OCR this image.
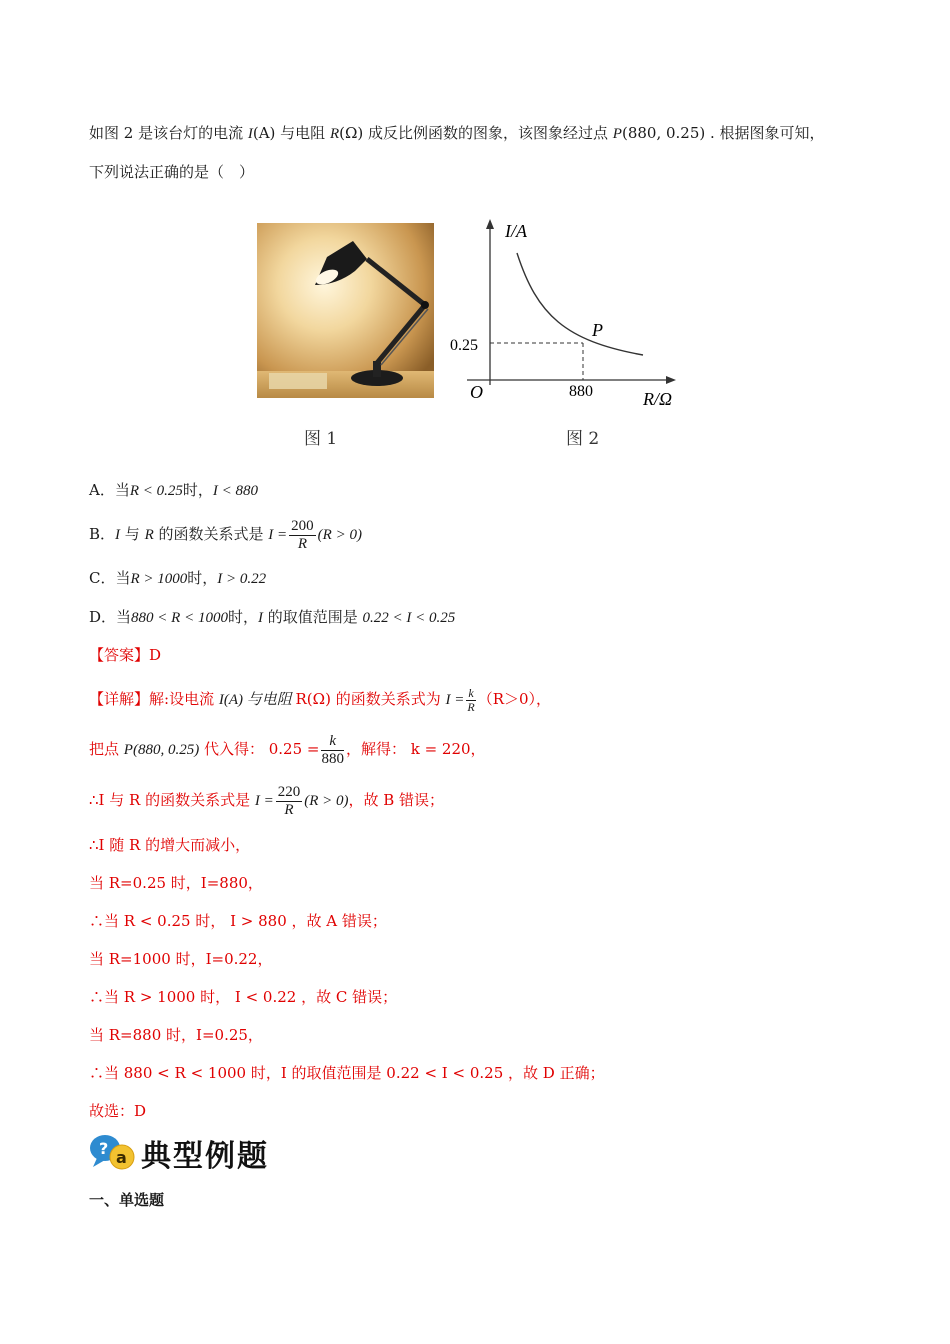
如图 2 是该台灯的电流 I(A) 与电阻 R(Ω) 成反比例函数的图象，该图象经过点 P(880, 0.25) . 根据图象可知，
下列说法正确的是（　）
图 1
I/A
R/Ω
O
P
0.25
880
图 2
A．当R < 0.25时，I < 880
B．I 与 R 的函数关系式是 $I = \frac{200}{R} (R > 0)$
C．当R > 1000时，I > 0.22
D．当880 < R < 1000时，I 的取值范围是 0.22 < I < 0.25
【答案】D
【详解】解:设电流 I(A) 与电阻 R(Ω) 的函数关系式为 $I = \frac{k}{R} (R>0)$，
把点 P(880, 0.25) 代入得： $0.25 = \frac{k}{880}$ ，解得： k = 220，
∴I 与 R 的函数关系式是 $I = \frac{220}{R} (R > 0)$，故 B 错误；
∴I 随 R 的增大而减小，
当 R=0.25 时，I=880，
∴当 R < 0.25 时， I > 880 ，故 A 错误；
当 R=1000 时，I=0.22，
∴当 R > 1000 时， I < 0.22 ，故 C 错误；
当 R=880 时，I=0.25，
∴当 880 < R < 1000 时，I 的取值范围是 0.22 < I < 0.25 ，故 D 正确；
故选：D
? a 典型例题
一、单选题
